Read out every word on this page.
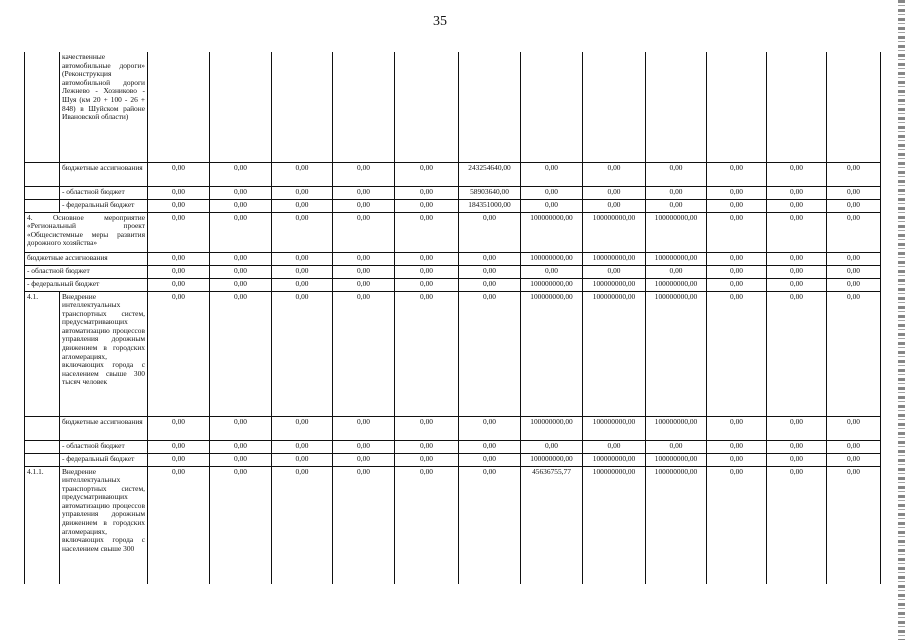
35
	качественные автомобильные дороги» (Реконструкция автомобильной дороги Лежнево - Хозниково - Шуя (км 20 + 100 - 26 + 848) в Шуйском районе Ивановской области)												
	бюджетные ассигнования	0,00	0,00	0,00	0,00	0,00	243254640,00	0,00	0,00	0,00	0,00	0,00	0,00
	- областной бюджет	0,00	0,00	0,00	0,00	0,00	58903640,00	0,00	0,00	0,00	0,00	0,00	0,00
	- федеральный бюджет	0,00	0,00	0,00	0,00	0,00	184351000,00	0,00	0,00	0,00	0,00	0,00	0,00
4. Основное мероприятие «Региональный проект «Общесистемные меры развития дорожного хозяйства»		0,00	0,00	0,00	0,00	0,00	0,00	100000000,00	100000000,00	100000000,00	0,00	0,00	0,00
бюджетные ассигнования		0,00	0,00	0,00	0,00	0,00	0,00	100000000,00	100000000,00	100000000,00	0,00	0,00	0,00
- областной бюджет		0,00	0,00	0,00	0,00	0,00	0,00	0,00	0,00	0,00	0,00	0,00	0,00
- федеральный бюджет		0,00	0,00	0,00	0,00	0,00	0,00	100000000,00	100000000,00	100000000,00	0,00	0,00	0,00
4.1.	Внедрение интеллектуальных транспортных систем, предусматривающих автоматизацию процессов управления дорожным движением в городских агломерациях, включающих города с населением свыше 300 тысяч человек	0,00	0,00	0,00	0,00	0,00	0,00	100000000,00	100000000,00	100000000,00	0,00	0,00	0,00
	бюджетные ассигнования	0,00	0,00	0,00	0,00	0,00	0,00	100000000,00	100000000,00	100000000,00	0,00	0,00	0,00
	- областной бюджет	0,00	0,00	0,00	0,00	0,00	0,00	0,00	0,00	0,00	0,00	0,00	0,00
	- федеральный бюджет	0,00	0,00	0,00	0,00	0,00	0,00	100000000,00	100000000,00	100000000,00	0,00	0,00	0,00
4.1.1.	Внедрение интеллектуальных транспортных систем, предусматривающих автоматизацию процессов управления дорожным движением в городских агломерациях, включающих города с населением свыше 300	0,00	0,00	0,00	0,00	0,00	0,00	45636755,77	100000000,00	100000000,00	0,00	0,00	0,00
